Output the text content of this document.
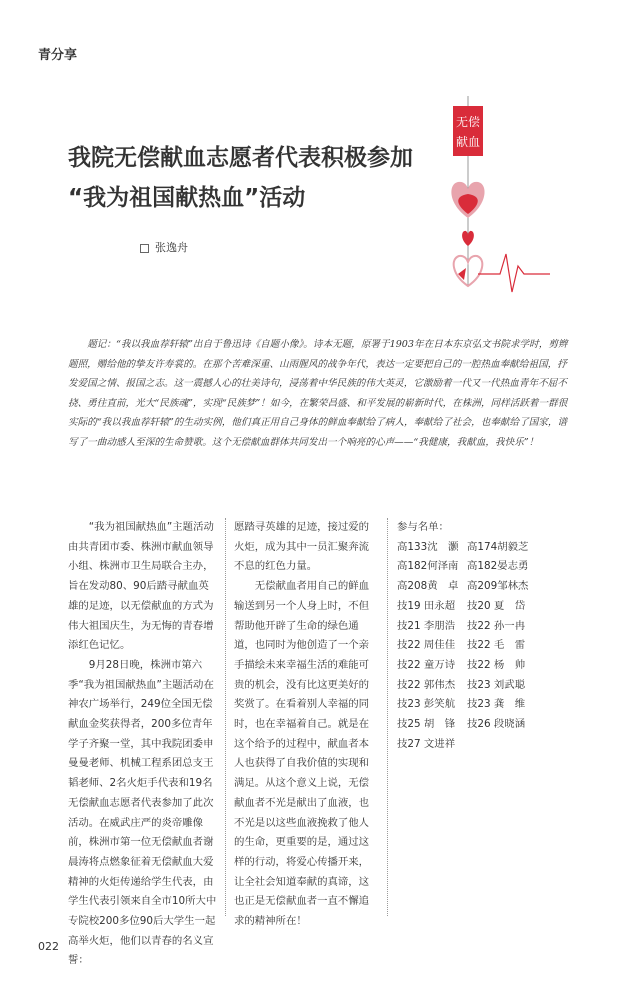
青分享
我院无偿献血志愿者代表积极参加
“我为祖国献热血”活动
张逸舟
无偿
献血

题记：“我以我血荐轩辕”出自于鲁迅诗《自题小像》。诗本无题，原署于1903年在日本东京弘文书院求学时，剪辫题照，赠给他的挚友许寿裳的。在那个苦难深重、山雨腥风的战争年代，表达一定要把自己的一腔热血奉献给祖国，抒发爱国之情、报国之志。这一震撼人心的壮美诗句，浸荡着中华民族的伟大英灵，它激励着一代又一代热血青年不屈不挠、勇往直前，光大“民族魂”，实现“民族梦”！如今，在繁荣昌盛、和平发展的崭新时代，在株洲，同样活跃着一群很实际的“我以我血荐轩辕”的生动实例，他们真正用自己身体的鲜血奉献给了病人，奉献给了社会，也奉献给了国家，谱写了一曲动感人至深的生命赞歌。这个无偿献血群体共同发出一个响亮的心声——“我健康，我献血，我快乐”！

“我为祖国献热血”主题活动由共青团市委、株洲市献血领导小组、株洲市卫生局联合主办，旨在发动80、90后踏寻献血英雄的足迹，以无偿献血的方式为伟大祖国庆生，为无悔的青春增添红色记忆。

9月28日晚，株洲市第六季“我为祖国献热血”主题活动在神农广场举行，249位全国无偿献血金奖获得者，200多位青年学子齐聚一堂，其中我院团委申曼曼老师、机械工程系团总支王韬老师、2名火炬手代表和19名无偿献血志愿者代表参加了此次活动。在威武庄严的炎帝雕像前，株洲市第一位无偿献血者谢晨涛将点燃象征着无偿献血大爱精神的火炬传递给学生代表，由学生代表引领来自全市10所大中专院校200多位90后大学生一起高举火炬，他们以青春的名义宣誓：

愿踏寻英雄的足迹，接过爱的火炬，成为其中一员汇聚奔流不息的红色力量。

无偿献血者用自己的鲜血输送到另一个人身上时，不但帮助他开辟了生命的绿色通道，也同时为他创造了一个亲手描绘未来幸福生活的难能可贵的机会，没有比这更美好的奖赏了。在看着别人幸福的同时，也在幸福着自己。就是在这个给予的过程中，献血者本人也获得了自我价值的实现和满足。从这个意义上说，无偿献血者不光是献出了血液，也不光是以这些血液挽救了他人的生命，更重要的是，通过这样的行动，将爱心传播开来，让全社会知道奉献的真谛，这也正是无偿献血者一直不懈追求的精神所在！

参与名单：
高133沈　灏 高174胡毅芝
高182何泽南 高182晏志勇
高208黄　卓 高209邹林杰
技19 田永超	技20 夏　岱
技21 李朋浩	技22 孙一冉
技22 周佳佳	技22 毛　雷
技22 童万诗	技22 杨　帅
技22 郭伟杰	技23 刘武聪
技23 彭笑航	技23 龚　维
技25 胡　锋	技26 段晓涵
技27 文进祥
022
